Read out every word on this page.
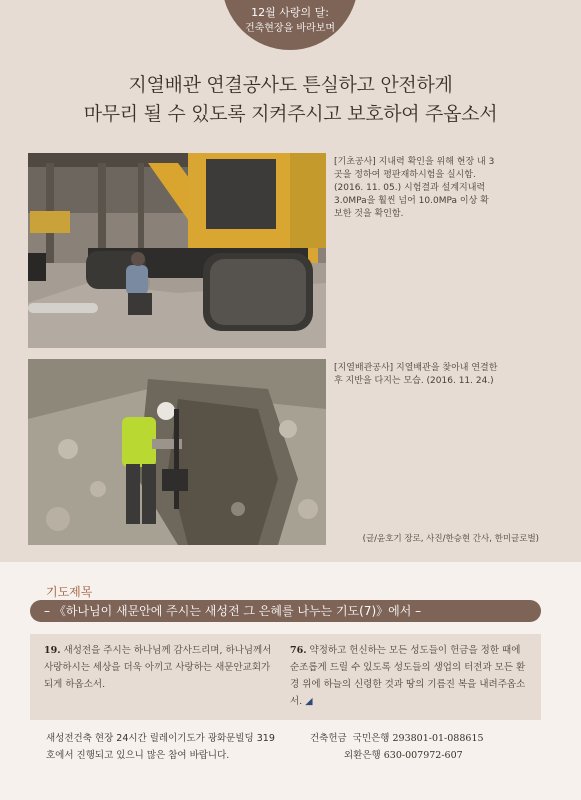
12월 사랑의 달:
건축현장을 바라보며
지열배관 연결공사도 튼실하고 안전하게
마무리 될 수 있도록 지켜주시고 보호하여 주옵소서
[기초공사] 지내력 확인을 위해 현장 내 3
곳을 정하여 평판재하시험을 실시함.
(2016. 11. 05.) 시험결과 설계지내력
3.0MPa을 훨씬 넘어 10.0MPa 이상 확
보한 것을 확인함.
[지열배관공사] 지열배관을 찾아내 연결한
후 지반을 다지는 모습. (2016. 11. 24.)
(글/윤호기 장로, 사진/한승현 간사, 한미글로벌)
기도제목
– 《하나님이 새문안에 주시는 새성전 그 은혜를 나누는 기도(7)》에서 –
19. 새성전을 주시는 하나님께 감사드리며, 하나님께서
사랑하시는 세상을 더욱 아끼고 사랑하는 새문안교회가
되게 하옵소서.
76. 약정하고 헌신하는 모든 성도들이 헌금을 정한 때에
순조롭게 드릴 수 있도록 성도들의 생업의 터전과 모든 환
경 위에 하늘의 신령한 것과 땅의 기름진 복을 내려주옵소
서. ◢
새성전건축 현장 24시간 릴레이기도가 광화문빌딩 319
호에서 진행되고 있으니 많은 참여 바랍니다.
건축헌금 국민은행 293801-01-088615
외환은행 630-007972-607
